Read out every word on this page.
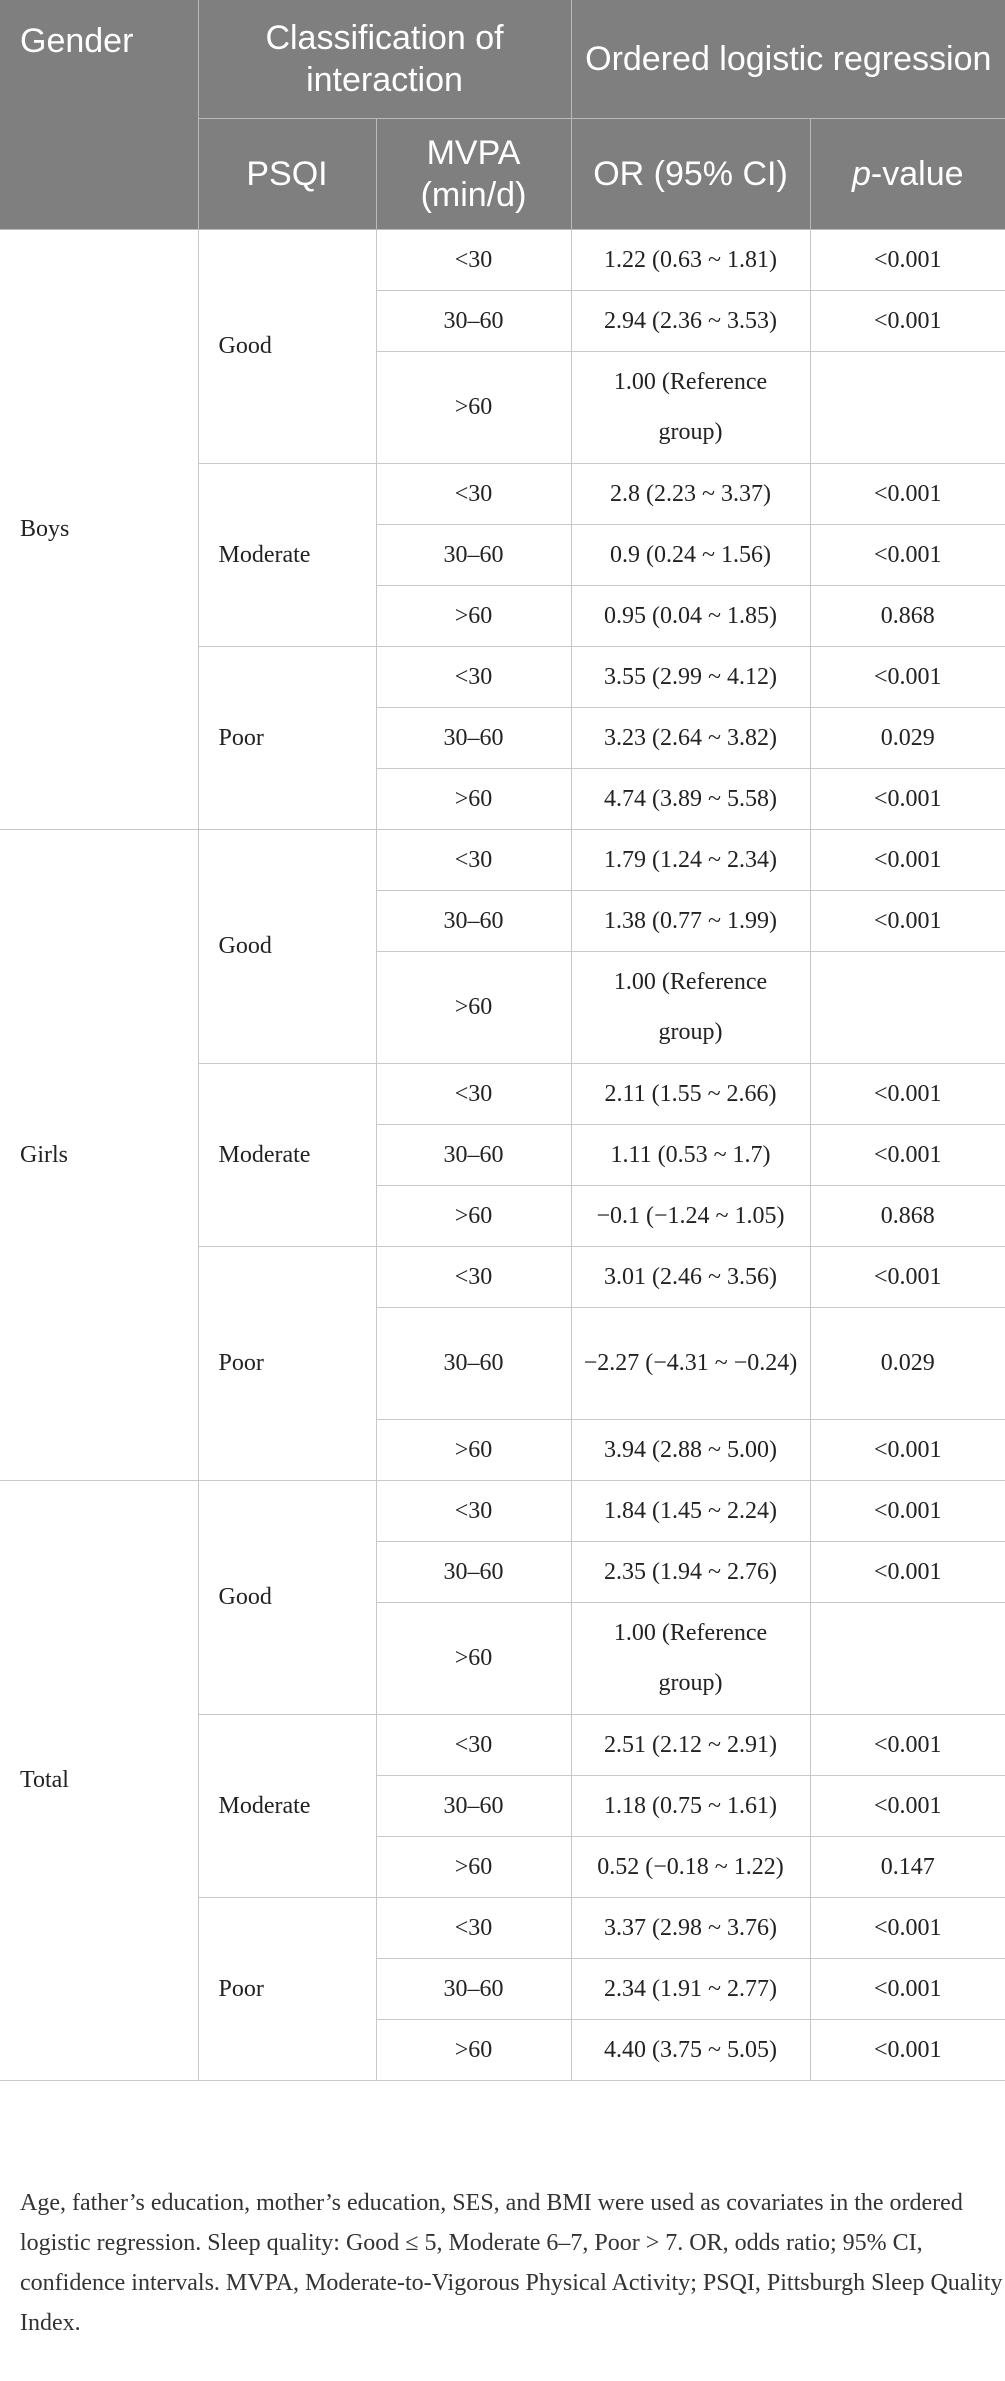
Gender	Classification of interaction		Ordered logistic regression	
	PSQI	MVPA (min/d)	OR (95% CI)	p-value
Boys	Good	<30	1.22 (0.63 ~ 1.81)	<0.001
		30–60	2.94 (2.36 ~ 3.53)	<0.001
		>60	1.00 (Reference group)	
	Moderate	<30	2.8 (2.23 ~ 3.37)	<0.001
		30–60	0.9 (0.24 ~ 1.56)	<0.001
		>60	0.95 (0.04 ~ 1.85)	0.868
	Poor	<30	3.55 (2.99 ~ 4.12)	<0.001
		30–60	3.23 (2.64 ~ 3.82)	0.029
		>60	4.74 (3.89 ~ 5.58)	<0.001
Girls	Good	<30	1.79 (1.24 ~ 2.34)	<0.001
		30–60	1.38 (0.77 ~ 1.99)	<0.001
		>60	1.00 (Reference group)	
	Moderate	<30	2.11 (1.55 ~ 2.66)	<0.001
		30–60	1.11 (0.53 ~ 1.7)	<0.001
		>60	−0.1 (−1.24 ~ 1.05)	0.868
	Poor	<30	3.01 (2.46 ~ 3.56)	<0.001
		30–60	−2.27 (−4.31 ~ −0.24)	0.029
		>60	3.94 (2.88 ~ 5.00)	<0.001
Total	Good	<30	1.84 (1.45 ~ 2.24)	<0.001
		30–60	2.35 (1.94 ~ 2.76)	<0.001
		>60	1.00 (Reference group)	
	Moderate	<30	2.51 (2.12 ~ 2.91)	<0.001
		30–60	1.18 (0.75 ~ 1.61)	<0.001
		>60	0.52 (−0.18 ~ 1.22)	0.147
	Poor	<30	3.37 (2.98 ~ 3.76)	<0.001
		30–60	2.34 (1.91 ~ 2.77)	<0.001
		>60	4.40 (3.75 ~ 5.05)	<0.001
Age, father’s education, mother’s education, SES, and BMI were used as covariates in the ordered logistic regression. Sleep quality: Good ≤ 5, Moderate 6–7, Poor > 7. OR, odds ratio; 95% CI, confidence intervals. MVPA, Moderate-to-Vigorous Physical Activity; PSQI, Pittsburgh Sleep Quality Index.
